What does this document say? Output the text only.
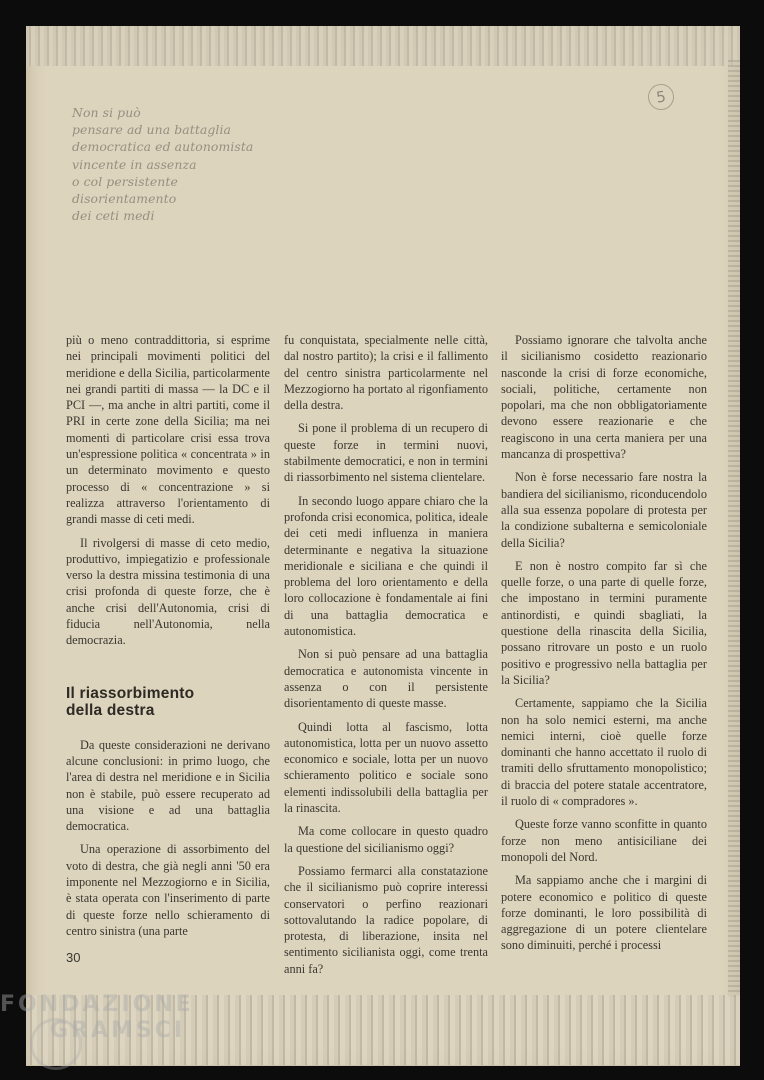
5
Non si può
pensare ad una battaglia
democratica ed autonomista
vincente in assenza
o col persistente
disorientamento
dei ceti medi

più o meno contraddittoria, si esprime nei principali movimenti politici del meridione e della Sicilia, particolarmente nei grandi partiti di massa — la DC e il PCI —, ma anche in altri partiti, come il PRI in certe zone della Sicilia; ma nei momenti di particolare crisi essa trova un'espressione politica « concentrata » in un determinato movimento e questo processo di « concentrazione » si realizza attraverso l'orientamento di grandi masse di ceti medi.

Il rivolgersi di masse di ceto medio, produttivo, impiegatizio e professionale verso la destra missina testimonia di una crisi profonda di queste forze, che è anche crisi dell'Autonomia, crisi di fiducia nell'Autonomia, nella democrazia.

Il riassorbimento
della destra

Da queste considerazioni ne derivano alcune conclusioni: in primo luogo, che l'area di destra nel meridione e in Sicilia non è stabile, può essere recuperato ad una visione e ad una battaglia democratica.

Una operazione di assorbimento del voto di destra, che già negli anni '50 era imponente nel Mezzogiorno e in Sicilia, è stata operata con l'inserimento di parte di queste forze nello schieramento di centro sinistra (una parte

fu conquistata, specialmente nelle città, dal nostro partito); la crisi e il fallimento del centro sinistra particolarmente nel Mezzogiorno ha portato al rigonfiamento della destra.

Si pone il problema di un recupero di queste forze in termini nuovi, stabilmente democratici, e non in termini di riassorbimento nel sistema clientelare.

In secondo luogo appare chiaro che la profonda crisi economica, politica, ideale dei ceti medi influenza in maniera determinante e negativa la situazione meridionale e siciliana e che quindi il problema del loro orientamento e della loro collocazione è fondamentale ai fini di una battaglia democratica e autonomistica.

Non si può pensare ad una battaglia democratica e autonomista vincente in assenza o con il persistente disorientamento di queste masse.

Quindi lotta al fascismo, lotta autonomistica, lotta per un nuovo assetto economico e sociale, lotta per un nuovo schieramento politico e sociale sono elementi indissolubili della battaglia per la rinascita.

Ma come collocare in questo quadro la questione del sicilianismo oggi?

Possiamo fermarci alla constatazione che il sicilianismo può coprire interessi conservatori o perfino reazionari sottovalutando la radice popolare, di protesta, di liberazione, insita nel sentimento sicilianista oggi, come trenta anni fa?

Possiamo ignorare che talvolta anche il sicilianismo cosidetto reazionario nasconde la crisi di forze economiche, sociali, politiche, certamente non popolari, ma che non obbligatoriamente devono essere reazionarie e che reagiscono in una certa maniera per una mancanza di prospettiva?

Non è forse necessario fare nostra la bandiera del sicilianismo, riconducendolo alla sua essenza popolare di protesta per la condizione subalterna e semicoloniale della Sicilia?

E non è nostro compito far sì che quelle forze, o una parte di quelle forze, che impostano in termini puramente antinordisti, e quindi sbagliati, la questione della rinascita della Sicilia, possano ritrovare un posto e un ruolo positivo e progressivo nella battaglia per la Sicilia?

Certamente, sappiamo che la Sicilia non ha solo nemici esterni, ma anche nemici interni, cioè quelle forze dominanti che hanno accettato il ruolo di tramiti dello sfruttamento monopolistico; di braccia del potere statale accentratore, il ruolo di « compradores ».

Queste forze vanno sconfitte in quanto forze non meno antisiciliane dei monopoli del Nord.

Ma sappiamo anche che i margini di potere economico e politico di queste forze dominanti, le loro possibilità di aggregazione di un potere clientelare sono diminuiti, perché i processi

30
FONDAZIONE
GRAMSCI
